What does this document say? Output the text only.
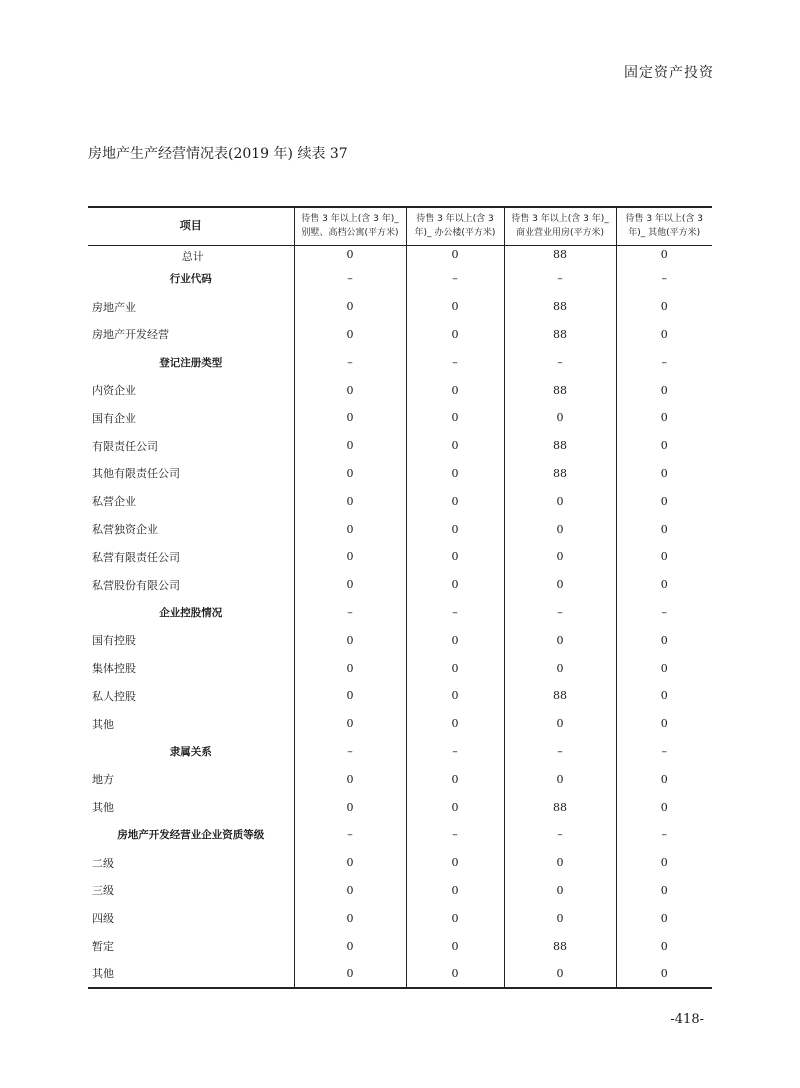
固定资产投资
房地产生产经营情况表(2019 年) 续表 37
项目	待售 3 年以上(含 3 年)_ 别墅、高档公寓(平方米)	待售 3 年以上(含 3 年)_ 办公楼(平方米)	待售 3 年以上(含 3 年)_ 商业营业用房(平方米)	待售 3 年以上(含 3 年)_ 其他(平方米)
总计	0	0	88	0
行业代码	–	–	–	–
房地产业	0	0	88	0
房地产开发经营	0	0	88	0
登记注册类型	–	–	–	–
内资企业	0	0	88	0
国有企业	0	0	0	0
有限责任公司	0	0	88	0
其他有限责任公司	0	0	88	0
私营企业	0	0	0	0
私营独资企业	0	0	0	0
私营有限责任公司	0	0	0	0
私营股份有限公司	0	0	0	0
企业控股情况	–	–	–	–
国有控股	0	0	0	0
集体控股	0	0	0	0
私人控股	0	0	88	0
其他	0	0	0	0
隶属关系	–	–	–	–
地方	0	0	0	0
其他	0	0	88	0
房地产开发经营业企业资质等级	–	–	–	–
二级	0	0	0	0
三级	0	0	0	0
四级	0	0	0	0
暂定	0	0	88	0
其他	0	0	0	0
-418-
